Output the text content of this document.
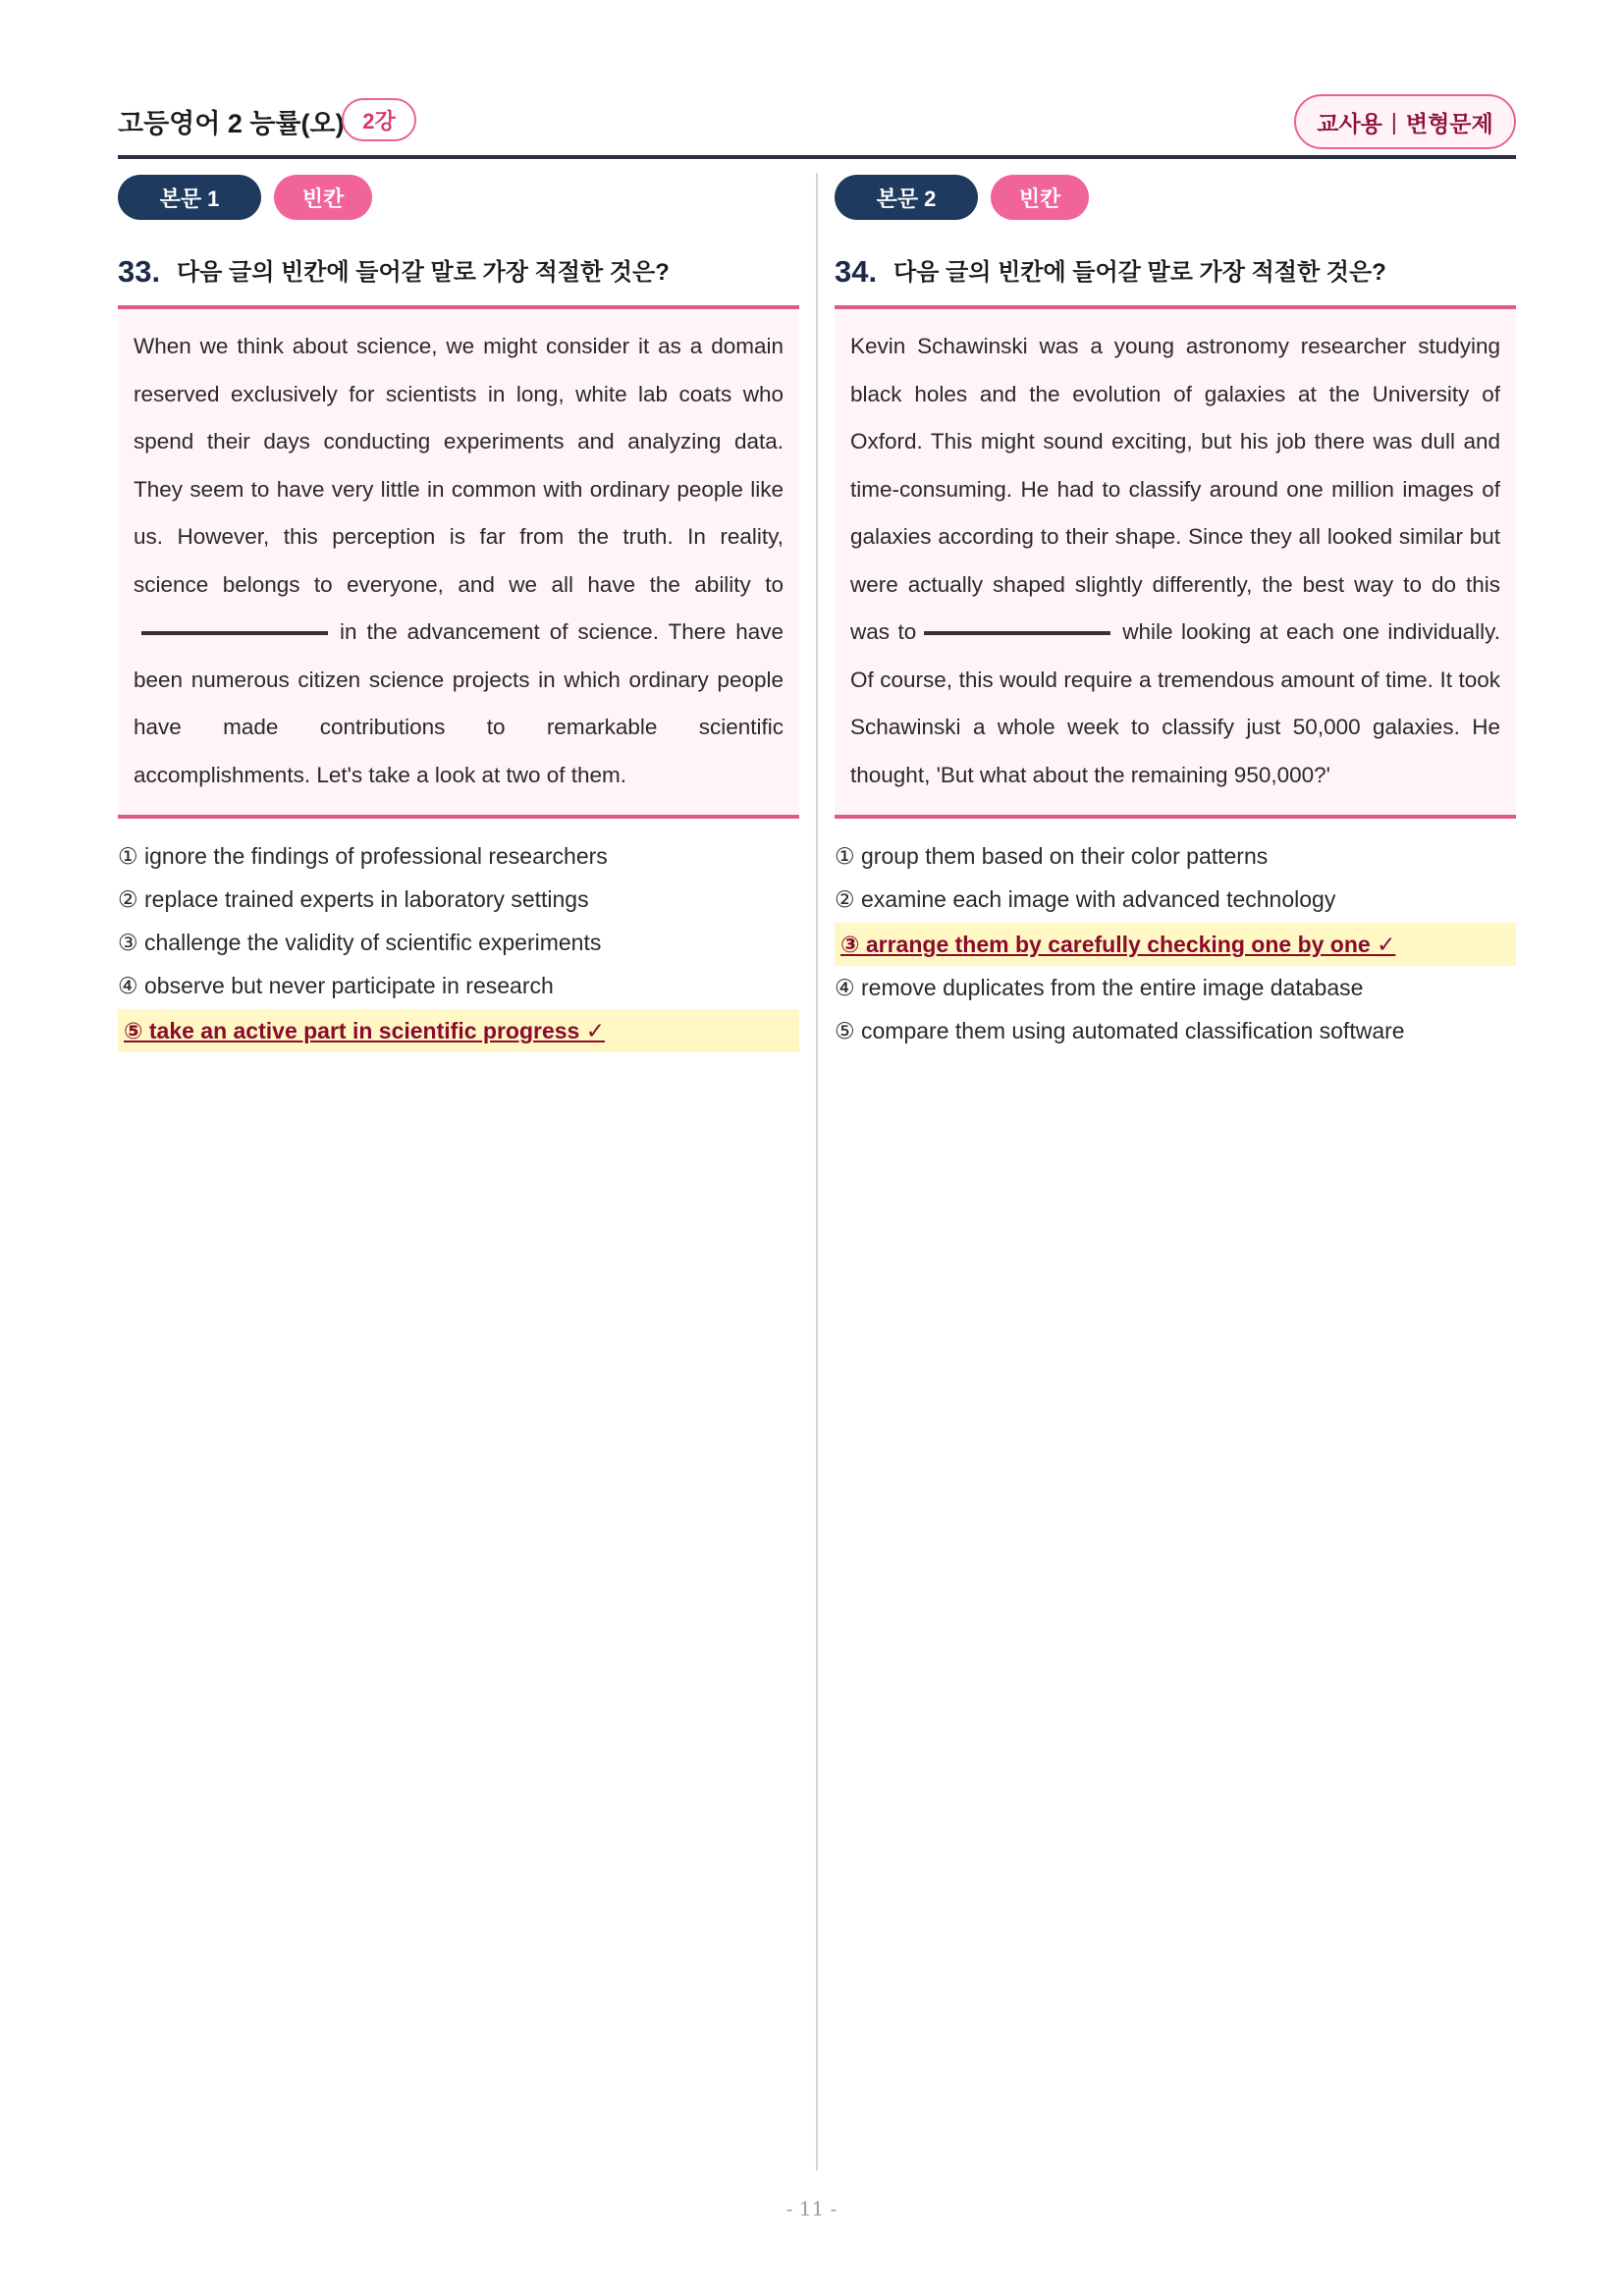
고등영어 2 능률(오) 2강	교사용 | 변형문제
본문 1	빈칸
33. 다음 글의 빈칸에 들어갈 말로 가장 적절한 것은?
When we think about science, we might consider it as a domain reserved exclusively for scientists in long, white lab coats who spend their days conducting experiments and analyzing data. They seem to have very little in common with ordinary people like us. However, this perception is far from the truth. In reality, science belongs to everyone, and we all have the ability toin the advancement of science. There have been numerous citizen science projects in which ordinary people have made contributions to remarkable scientific accomplishments. Let's take a look at two of them.
① ignore the findings of professional researchers
② replace trained experts in laboratory settings
③ challenge the validity of scientific experiments
④ observe but never participate in research
⑤ take an active part in scientific progress ✓
본문 2	빈칸
34. 다음 글의 빈칸에 들어갈 말로 가장 적절한 것은?
Kevin Schawinski was a young astronomy researcher studying black holes and the evolution of galaxies at the University of Oxford. This might sound exciting, but his job there was dull and time-consuming. He had to classify around one million images of galaxies according to their shape. Since they all looked similar but were actually shaped slightly differently, the best way to do this was to	while looking at each one individually. Of course, this would require a tremendous amount of time. It took Schawinski a whole week to classify just 50,000 galaxies. He thought, 'But what about the remaining 950,000?'
① group them based on their color patterns
② examine each image with advanced technology
③ arrange them by carefully checking one by one ✓
④ remove duplicates from the entire image database
⑤ compare them using automated classification software
- 11 -
